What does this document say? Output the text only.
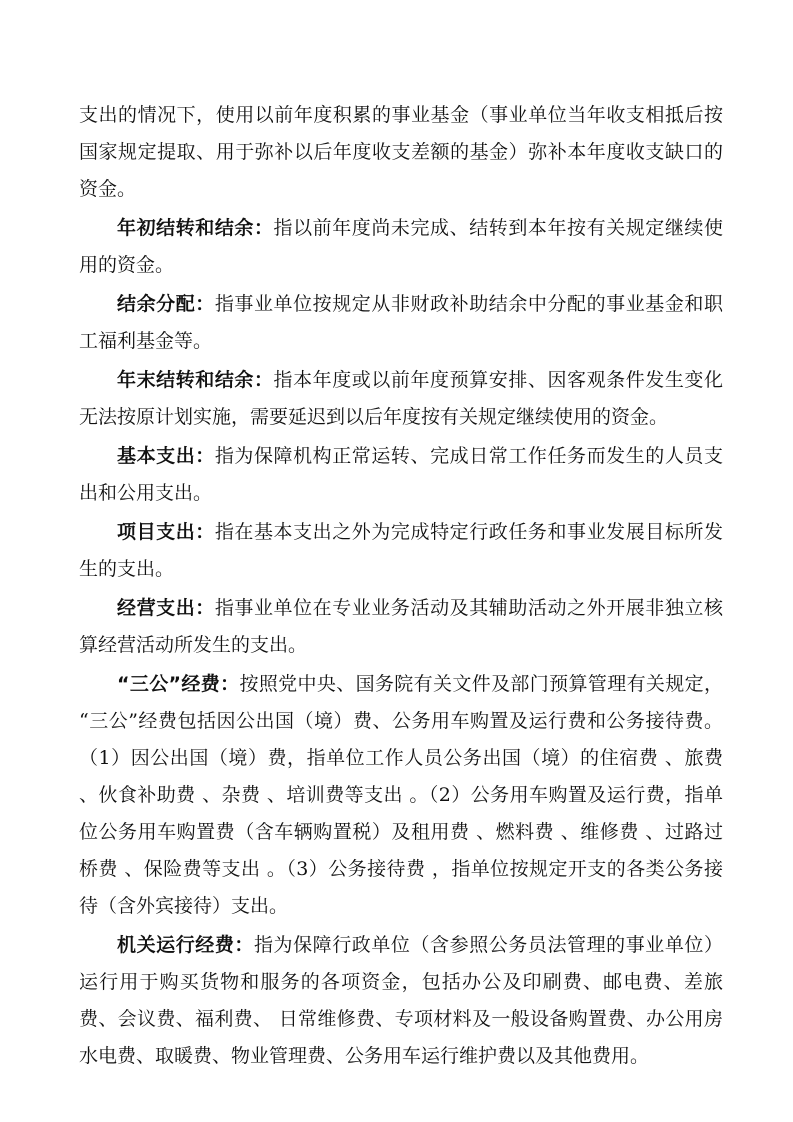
支出的情况下，使用以前年度积累的事业基金（事业单位当年收支相抵后按国家规定提取、用于弥补以后年度收支差额的基金）弥补本年度收支缺口的资金。

年初结转和结余：指以前年度尚未完成、结转到本年按有关规定继续使用的资金。

结余分配：指事业单位按规定从非财政补助结余中分配的事业基金和职工福利基金等。

年末结转和结余：指本年度或以前年度预算安排、因客观条件发生变化无法按原计划实施，需要延迟到以后年度按有关规定继续使用的资金。

基本支出：指为保障机构正常运转、完成日常工作任务而发生的人员支出和公用支出。

项目支出：指在基本支出之外为完成特定行政任务和事业发展目标所发生的支出。

经营支出：指事业单位在专业业务活动及其辅助活动之外开展非独立核算经营活动所发生的支出。

“三公”经费：按照党中央、国务院有关文件及部门预算管理有关规定， “三公”经费包括因公出国（境）费、公务用车购置及运行费和公务接待费。 （1）因公出国（境）费，指单位工作人员公务出国（境）的住宿费 、旅费 、伙食补助费 、杂费 、培训费等支出 。（2）公务用车购置及运行费，指单位公务用车购置费（含车辆购置税）及租用费 、燃料费 、维修费 、过路过桥费 、保险费等支出 。（3）公务接待费 ，指单位按规定开支的各类公务接待（含外宾接待）支出。

机关运行经费：指为保障行政单位（含参照公务员法管理的事业单位）运行用于购买货物和服务的各项资金，包括办公及印刷费、邮电费、差旅费、会议费、福利费、 日常维修费、专项材料及一般设备购置费、办公用房水电费、取暖费、物业管理费、公务用车运行维护费以及其他费用。
